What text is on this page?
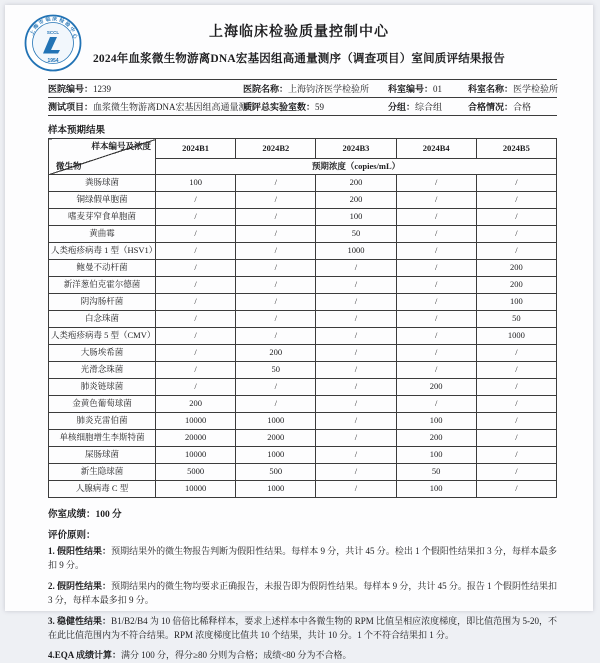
上海市临床检验中心
SCCL
1954
上海临床检验质量控制中心
2024年血浆微生物游离DNA宏基因组高通量测序（调查项目）室间质评结果报告
医院编号：1239	医院名称：上海钧济医学检验所	科室编号：01	科室名称：医学检验所
测试项目：血浆微生物游离DNA宏基因组高通量测序
质评总实验室数：59	分组：综合组	合格情况：合格
样本预期结果
样本编号及浓度
微生物	2024B1	2024B2	2024B3	2024B4	2024B5
	预期浓度（copies/mL）				
粪肠球菌	100	/	200	/	/
铜绿假单胞菌	/	/	200	/	/
嗜麦芽窄食单胞菌	/	/	100	/	/
黄曲霉	/	/	50	/	/
人类疱疹病毒 1 型（HSV1）	/	/	1000	/	/
鲍曼不动杆菌	/	/	/	/	200
新洋葱伯克霍尔德菌	/	/	/	/	200
阴沟肠杆菌	/	/	/	/	100
白念珠菌	/	/	/	/	50
人类疱疹病毒 5 型（CMV）	/	/	/	/	1000
大肠埃希菌	/	200	/	/	/
光滑念珠菌	/	50	/	/	/
肺炎链球菌	/	/	/	200	/
金黄色葡萄球菌	200	/	/	/	/
肺炎克雷伯菌	10000	1000	/	100	/
单核细胞增生李斯特菌	20000	2000	/	200	/
屎肠球菌	10000	1000	/	100	/
新生隐球菌	5000	500	/	50	/
人腺病毒 C 型	10000	1000	/	100	/
你室成绩：100 分
评价原则：

1. 假阳性结果：预期结果外的微生物报告判断为假阳性结果。每样本 9 分，共计 45 分。检出 1 个假阳性结果扣 3 分，每样本最多扣 9 分。

2. 假阴性结果：预期结果内的微生物均要求正确报告，未报告即为假阴性结果。每样本 9 分，共计 45 分。报告 1 个假阴性结果扣 3 分，每样本最多扣 9 分。

3. 稳健性结果：B1/B2/B4 为 10 倍倍比稀释样本，要求上述样本中各微生物的 RPM 比值呈相应浓度梯度，即比值范围为 5-20，不在此比值范围内为不符合结果。RPM 浓度梯度比值共 10 个结果，共计 10 分。1 个不符合结果扣 1 分。

4.EQA 成绩计算：满分 100 分，得分≥80 分则为合格；成绩<80 分为不合格。
